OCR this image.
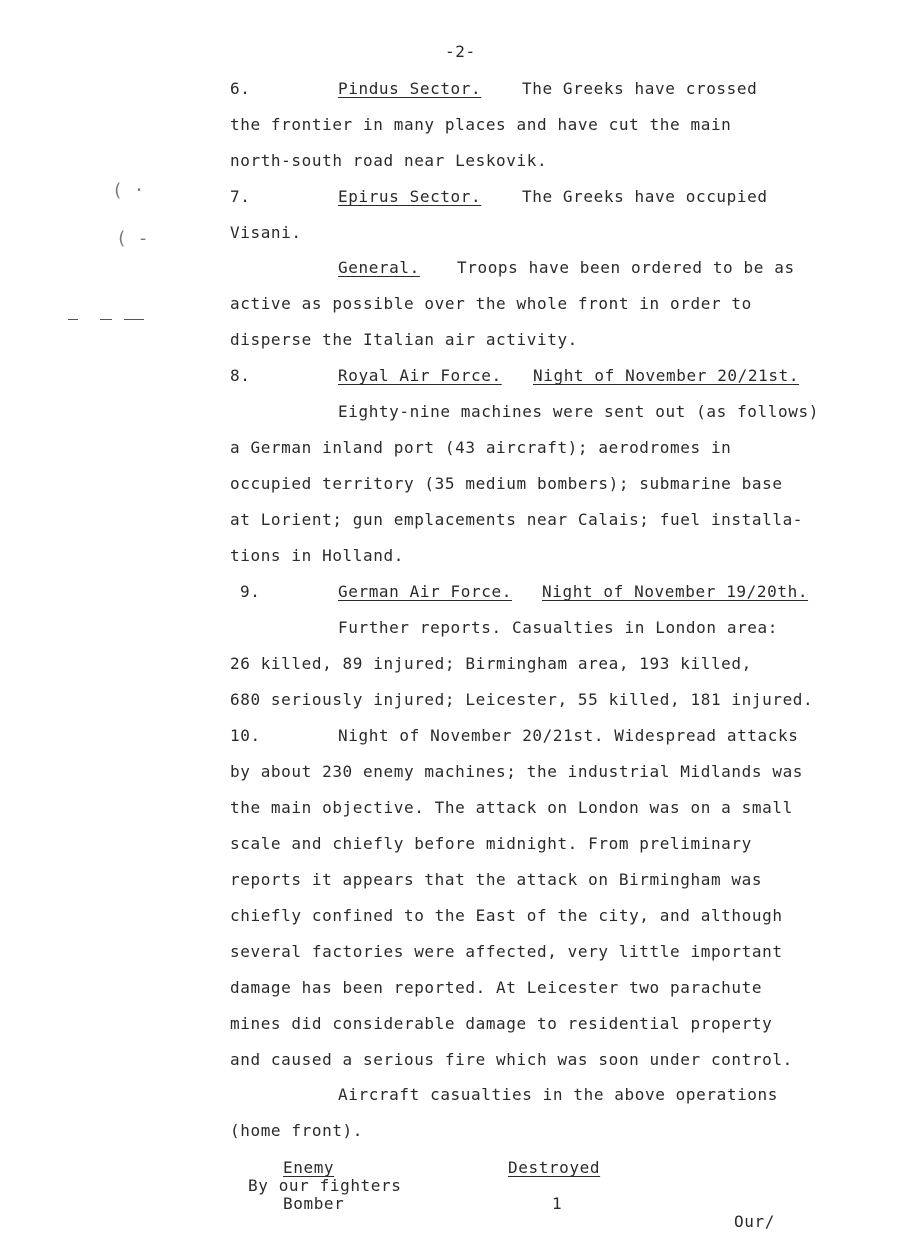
-2-
( ·
( -
6.	Pindus Sector.	The Greeks have crossed
the frontier in many places and have cut the main
north-south road near Leskovik.
7.	Epirus Sector.	The Greeks have occupied
Visani.
General. Troops have been ordered to be as
active as possible over the whole front in order to
disperse the Italian air activity.
8.	Royal Air Force. Night of November 20/21st.
Eighty-nine machines were sent out (as follows)
a German inland port (43 aircraft); aerodromes in
occupied territory (35 medium bombers); submarine base
at Lorient; gun emplacements near Calais; fuel installa-
tions in Holland.
9.	German Air Force. Night of November 19/20th.
Further reports. Casualties in London area:
26 killed, 89 injured; Birmingham area, 193 killed,
680 seriously injured; Leicester, 55 killed, 181 injured.
10.	Night of November 20/21st. Widespread attacks
by about 230 enemy machines; the industrial Midlands was
the main objective. The attack on London was on a small
scale and chiefly before midnight. From preliminary
reports it appears that the attack on Birmingham was
chiefly confined to the East of the city, and although
several factories were affected, very little important
damage has been reported. At Leicester two parachute
mines did considerable damage to residential property
and caused a serious fire which was soon under control.
Aircraft casualties in the above operations
(home front).
Enemy	Destroyed
By our fighters
Bomber	1
Our/
